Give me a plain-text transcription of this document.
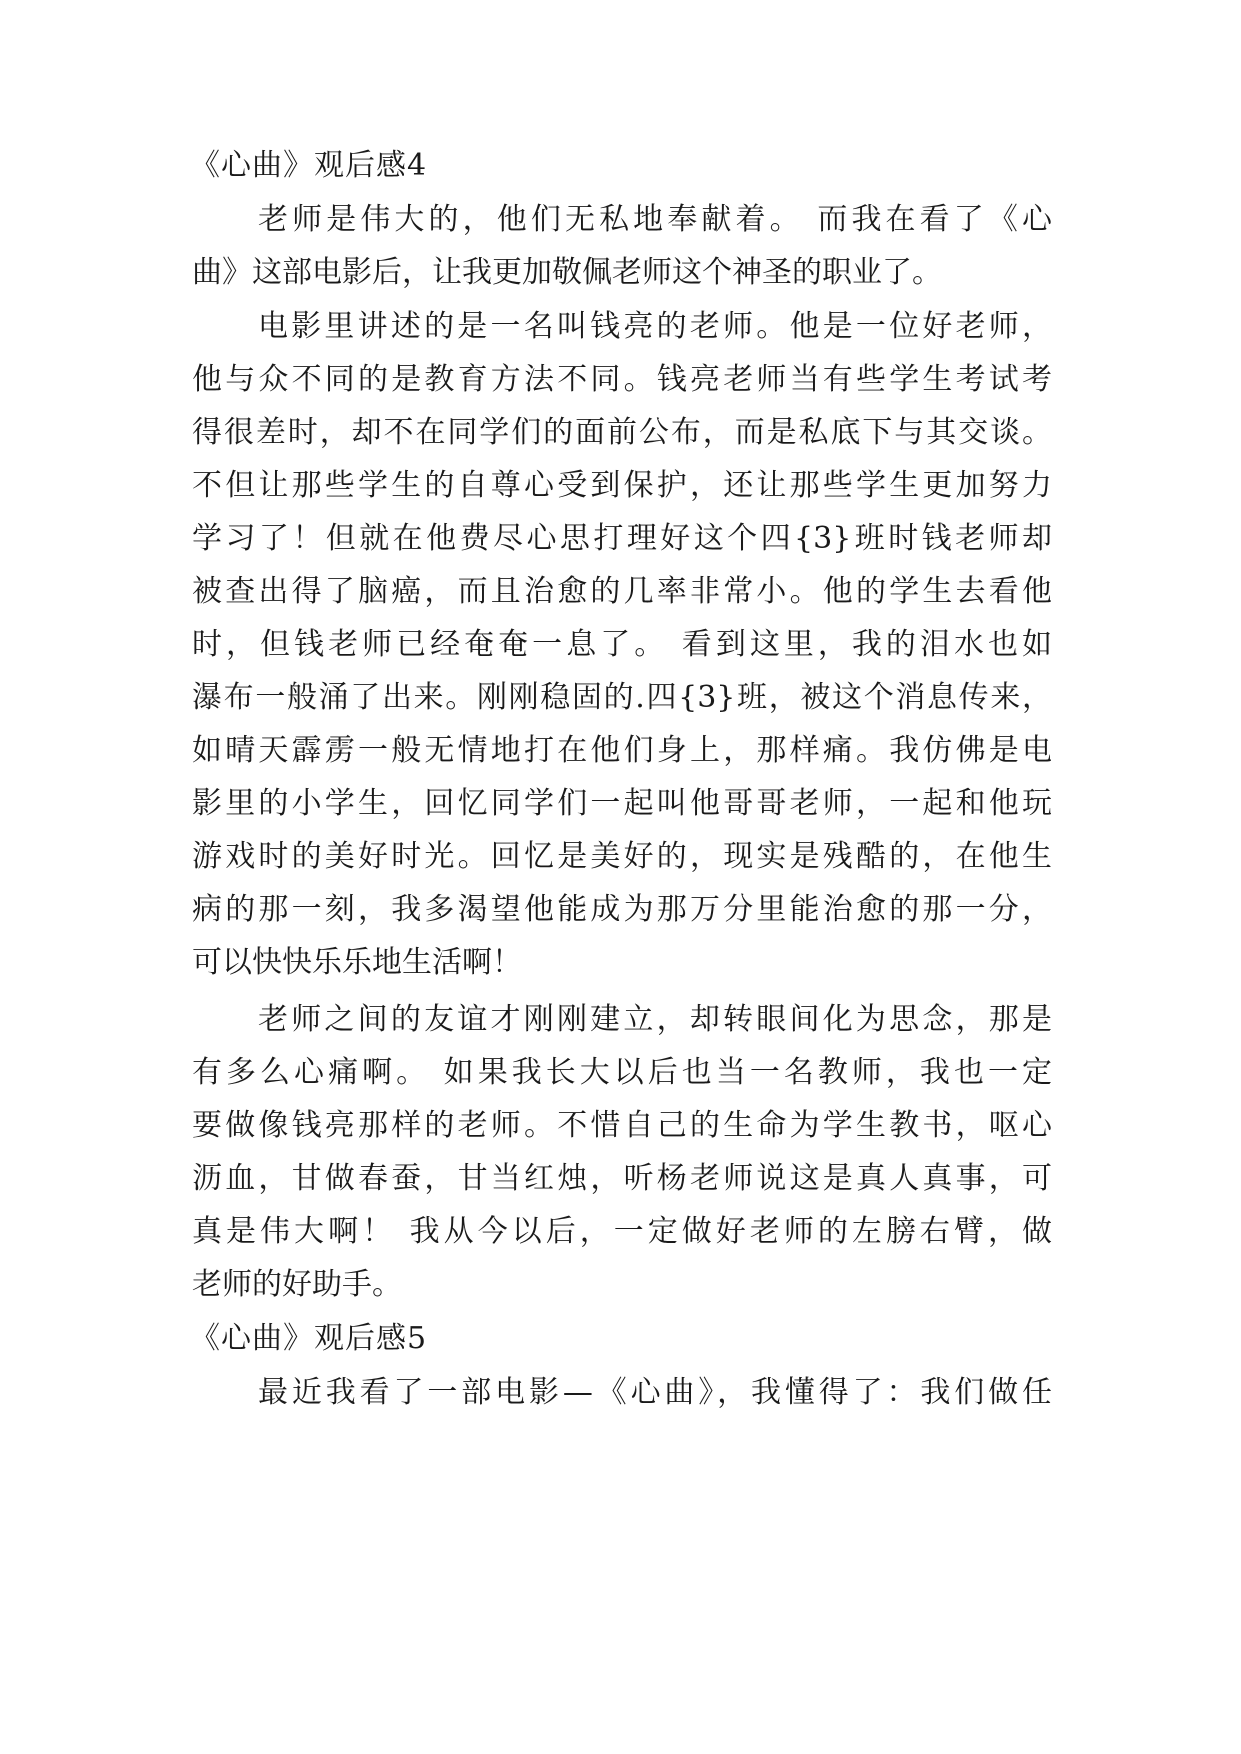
《心曲》观后感4
老师是伟大的，他们无私地奉献着。 而我在看了《心
曲》这部电影后，让我更加敬佩老师这个神圣的职业了。
电影里讲述的是一名叫钱亮的老师。他是一位好老师，
他与众不同的是教育方法不同。钱亮老师当有些学生考试考
得很差时，却不在同学们的面前公布，而是私底下与其交谈。
不但让那些学生的自尊心受到保护，还让那些学生更加努力
学习了！但就在他费尽心思打理好这个四{3}班时钱老师却
被查出得了脑癌，而且治愈的几率非常小。他的学生去看他
时，但钱老师已经奄奄一息了。 看到这里，我的泪水也如
瀑布一般涌了出来。刚刚稳固的.四{3}班，被这个消息传来，
如晴天霹雳一般无情地打在他们身上，那样痛。我仿佛是电
影里的小学生，回忆同学们一起叫他哥哥老师，一起和他玩
游戏时的美好时光。回忆是美好的，现实是残酷的，在他生
病的那一刻，我多渴望他能成为那万分里能治愈的那一分，
可以快快乐乐地生活啊！
老师之间的友谊才刚刚建立，却转眼间化为思念，那是
有多么心痛啊。 如果我长大以后也当一名教师，我也一定
要做像钱亮那样的老师。不惜自己的生命为学生教书，呕心
沥血，甘做春蚕，甘当红烛，听杨老师说这是真人真事，可
真是伟大啊！ 我从今以后，一定做好老师的左膀右臂，做
老师的好助手。
《心曲》观后感5
最近我看了一部电影—《心曲》，我懂得了：我们做任
